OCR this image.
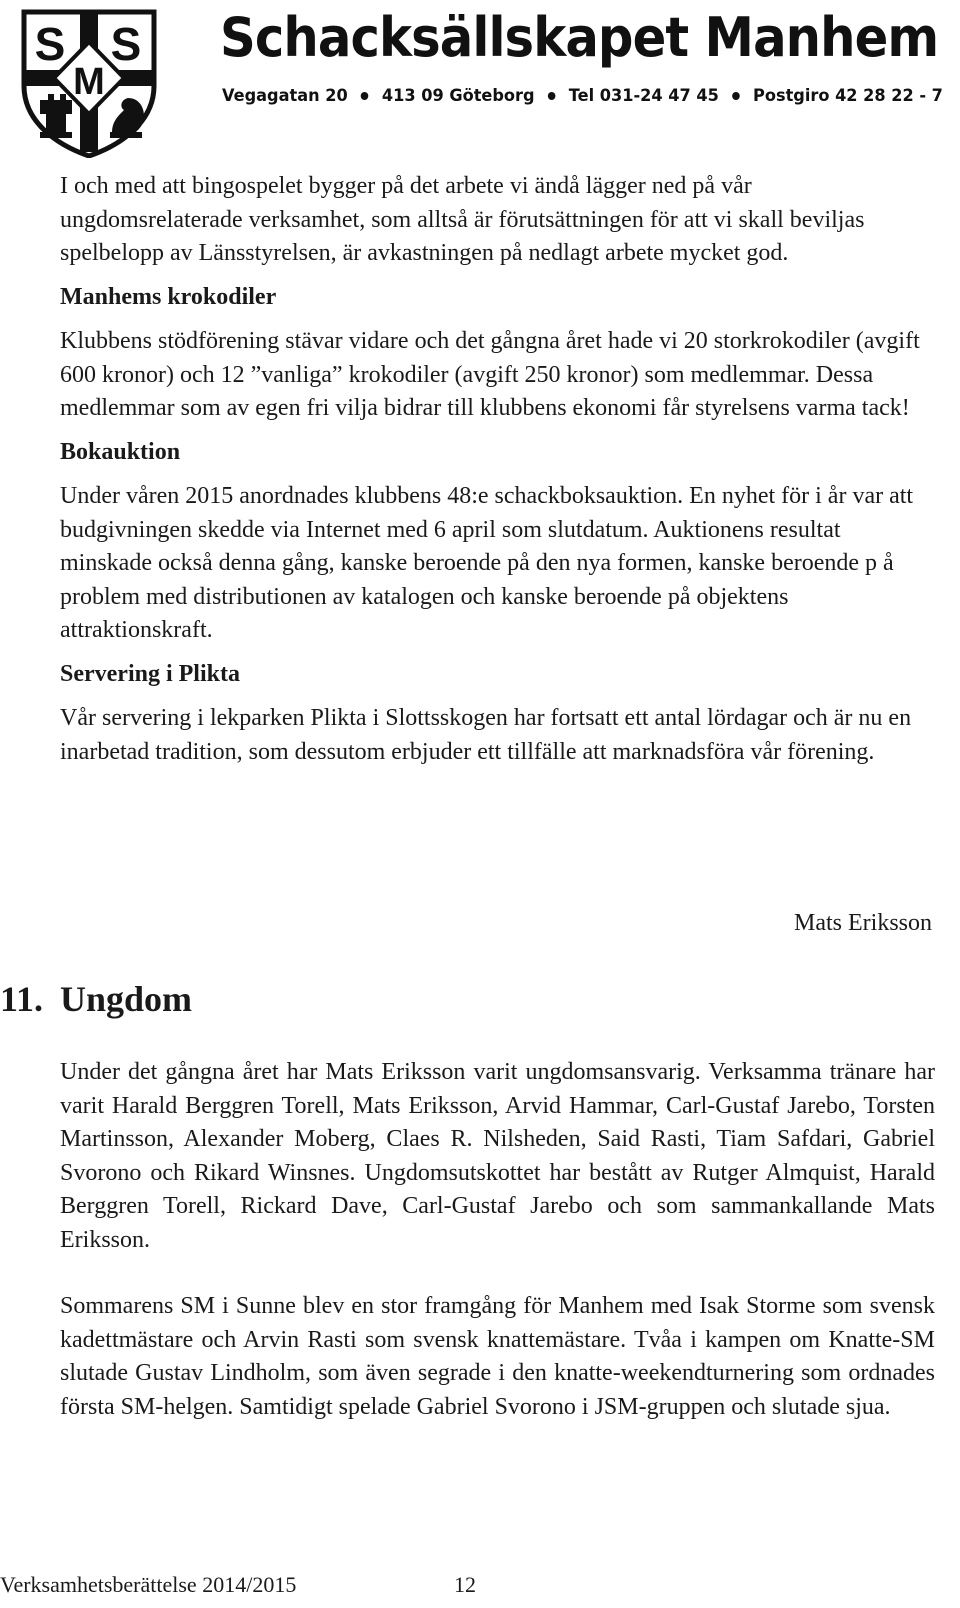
S
M
S Schacksällskapet Manhem
Vegagatan 20 413 09 Göteborg Tel 031-24 47 45 Postgiro 42 28 22 - 7

I och med att bingospelet bygger på det arbete vi ändå lägger ned på vår ungdomsrelaterade verksamhet, som alltså är förutsättningen för att vi skall beviljas spelbelopp av Länsstyrelsen, är avkastningen på nedlagt arbete mycket god.

Manhems krokodiler

Klubbens stödförening stävar vidare och det gångna året hade vi 20 storkrokodiler (avgift 600 kronor) och 12 ”vanliga” krokodiler (avgift 250 kronor) som medlemmar. Dessa medlemmar som av egen fri vilja bidrar till klubbens ekonomi får styrelsens varma tack!

Bokauktion

Under våren 2015 anordnades klubbens 48:e schackboksauktion. En nyhet för i år var att budgivningen skedde via Internet med 6 april som slutdatum. Auktionens resultat minskade också denna gång, kanske beroende på den nya formen, kanske beroende p å problem med distributionen av katalogen och kanske beroende på objektens attraktionskraft.

Servering i Plikta

Vår servering i lekparken Plikta i Slottsskogen har fortsatt ett antal lördagar och är nu en inarbetad tradition, som dessutom erbjuder ett tillfälle att marknadsföra vår förening.

Mats Eriksson
11. Ungdom

Under det gångna året har Mats Eriksson varit ungdomsansvarig. Verksamma tränare har varit Harald Berggren Torell, Mats Eriksson, Arvid Hammar, Carl-Gustaf Jarebo, Torsten Martinsson, Alexander Moberg, Claes R. Nilsheden, Said Rasti, Tiam Safdari, Gabriel Svorono och Rikard Winsnes. Ungdomsutskottet har bestått av Rutger Almquist, Harald Berggren Torell, Rickard Dave, Carl-Gustaf Jarebo och som sammankallande Mats Eriksson.

Sommarens SM i Sunne blev en stor framgång för Manhem med Isak Storme som svensk kadettmästare och Arvin Rasti som svensk knattemästare. Tvåa i kampen om Knatte-SM slutade Gustav Lindholm, som även segrade i den knatte-weekendturnering som ordnades första SM-helgen. Samtidigt spelade Gabriel Svorono i JSM-gruppen och slutade sjua.

Verksamhetsberättelse 2014/2015	12
